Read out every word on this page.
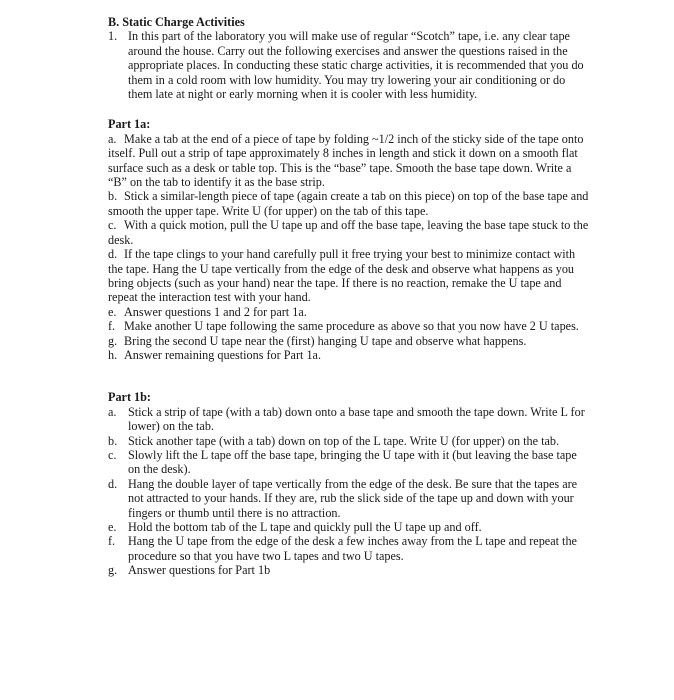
B. Static Charge Activities

1. In this part of the laboratory you will make use of regular “Scotch” tape, i.e. any clear tape around the house. Carry out the following exercises and answer the questions raised in the appropriate places. In conducting these static charge activities, it is recommended that you do them in a cold room with low humidity. You may try lowering your air conditioning or do them late at night or early morning when it is cooler with less humidity.

Part 1a:

a. Make a tab at the end of a piece of tape by folding ~1/2 inch of the sticky side of the tape onto itself. Pull out a strip of tape approximately 8 inches in length and stick it down on a smooth flat surface such as a desk or table top. This is the “base” tape. Smooth the base tape down. Write a “B” on the tab to identify it as the base strip.

b. Stick a similar-length piece of tape (again create a tab on this piece) on top of the base tape and smooth the upper tape. Write U (for upper) on the tab of this tape.

c. With a quick motion, pull the U tape up and off the base tape, leaving the base tape stuck to the desk.

d. If the tape clings to your hand carefully pull it free trying your best to minimize contact with the tape. Hang the U tape vertically from the edge of the desk and observe what happens as you bring objects (such as your hand) near the tape. If there is no reaction, remake the U tape and repeat the interaction test with your hand.

e. Answer questions 1 and 2 for part 1a.

f. Make another U tape following the same procedure as above so that you now have 2 U tapes.

g. Bring the second U tape near the (first) hanging U tape and observe what happens.

h. Answer remaining questions for Part 1a.

Part 1b:

a. Stick a strip of tape (with a tab) down onto a base tape and smooth the tape down. Write L for lower) on the tab.
b. Stick another tape (with a tab) down on top of the L tape. Write U (for upper) on the tab.
c. Slowly lift the L tape off the base tape, bringing the U tape with it (but leaving the base tape on the desk).
d. Hang the double layer of tape vertically from the edge of the desk. Be sure that the tapes are not attracted to your hands. If they are, rub the slick side of the tape up and down with your fingers or thumb until there is no attraction.
e. Hold the bottom tab of the L tape and quickly pull the U tape up and off.
f. Hang the U tape from the edge of the desk a few inches away from the L tape and repeat the procedure so that you have two L tapes and two U tapes.
g. Answer questions for Part 1b
